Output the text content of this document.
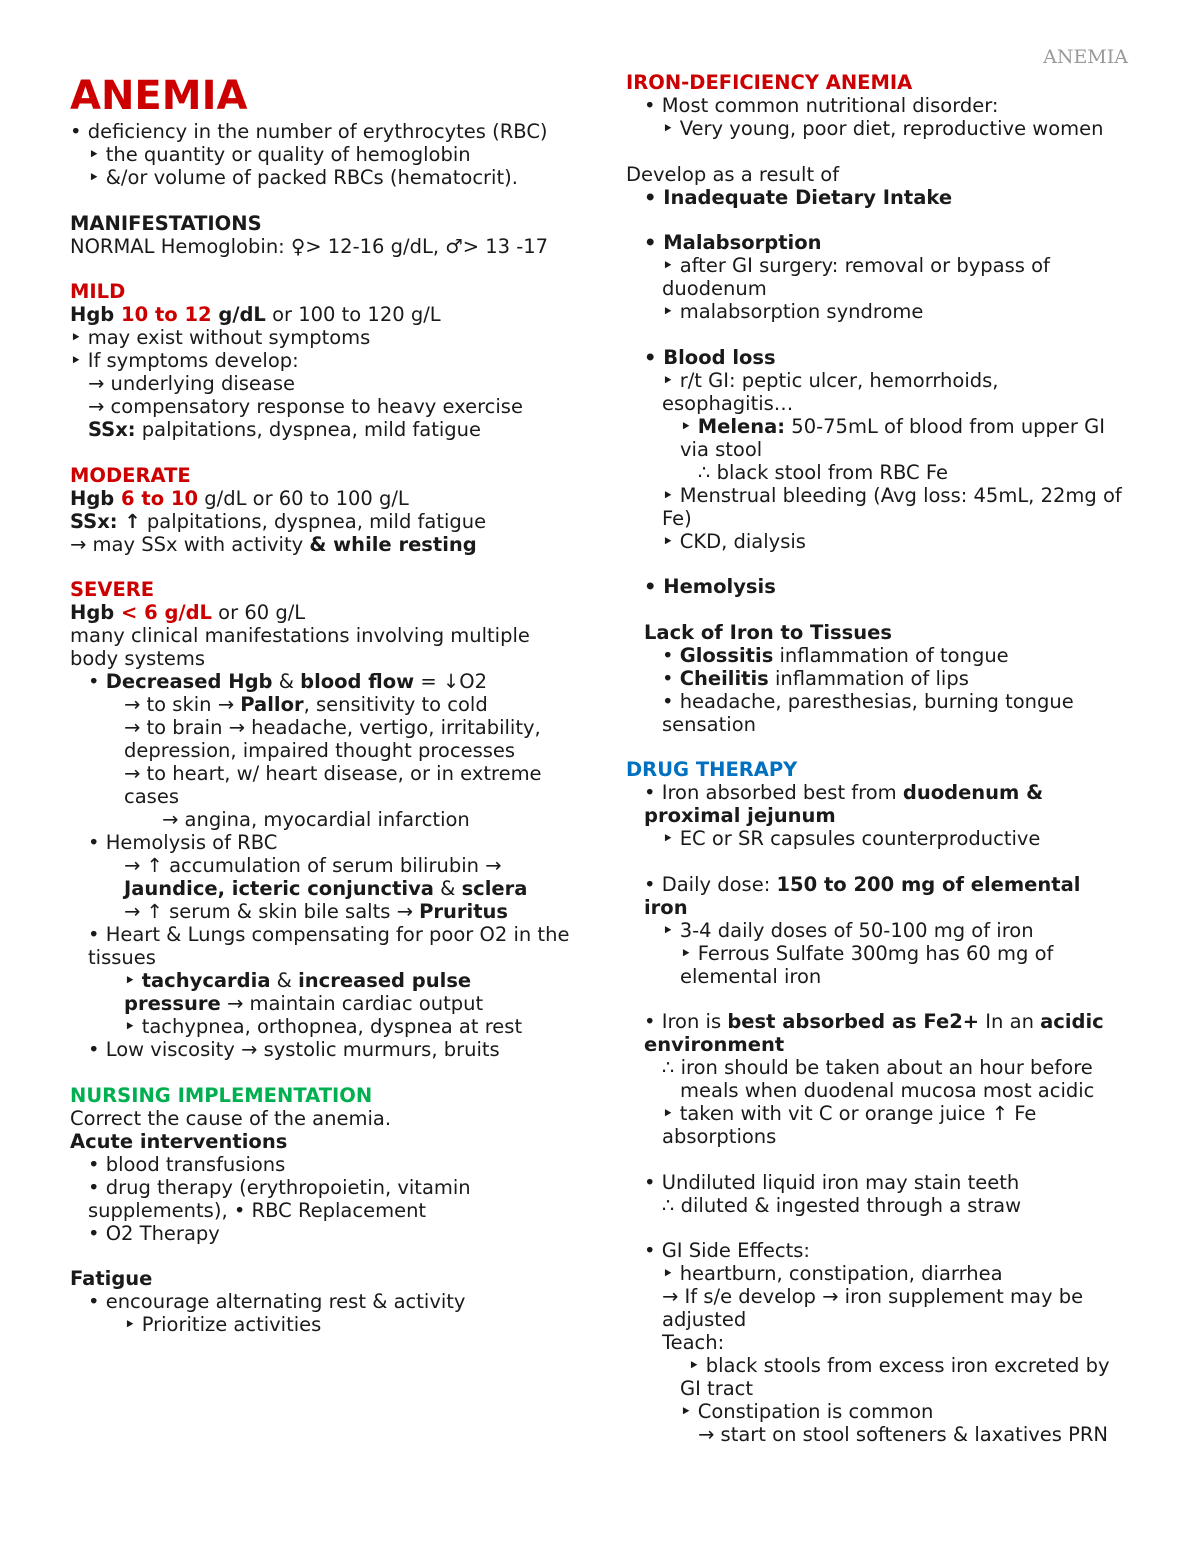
ANEMIA
ANEMIA
• deficiency in the number of erythrocytes (RBC)
‣ the quantity or quality of hemoglobin
‣ &/or volume of packed RBCs (hematocrit).
MANIFESTATIONS
NORMAL Hemoglobin: ♀> 12-16 g/dL, ♂> 13 -17
MILD
Hgb 10 to 12 g/dL or 100 to 120 g/L
‣ may exist without symptoms
‣ If symptoms develop:
→ underlying disease
→ compensatory response to heavy exercise
SSx: palpitations, dyspnea, mild fatigue
MODERATE
Hgb 6 to 10 g/dL or 60 to 100 g/L
SSx: ↑ palpitations, dyspnea, mild fatigue
→ may SSx with activity & while resting
SEVERE
Hgb < 6 g/dL or 60 g/L
many clinical manifestations involving multiple
body systems
• Decreased Hgb & blood flow = ↓O2
→ to skin → Pallor, sensitivity to cold
→ to brain → headache, vertigo, irritability,
depression, impaired thought processes
→ to heart, w/ heart disease, or in extreme
cases
→ angina, myocardial infarction
• Hemolysis of RBC
→ ↑ accumulation of serum bilirubin →
Jaundice, icteric conjunctiva & sclera
→ ↑ serum & skin bile salts → Pruritus
• Heart & Lungs compensating for poor O2 in the
tissues
‣ tachycardia & increased pulse
pressure → maintain cardiac output
‣ tachypnea, orthopnea, dyspnea at rest
• Low viscosity → systolic murmurs, bruits
NURSING IMPLEMENTATION
Correct the cause of the anemia.
Acute interventions
• blood transfusions
• drug therapy (erythropoietin, vitamin
supplements), • RBC Replacement
• O2 Therapy
Fatigue
• encourage alternating rest & activity
‣ Prioritize activities
IRON-DEFICIENCY ANEMIA
• Most common nutritional disorder:
‣ Very young, poor diet, reproductive women
Develop as a result of
• Inadequate Dietary Intake
• Malabsorption
‣ after GI surgery: removal or bypass of
duodenum
‣ malabsorption syndrome
• Blood loss
‣ r/t GI: peptic ulcer, hemorrhoids,
esophagitis…
‣ Melena: 50-75mL of blood from upper GI
via stool
∴ black stool from RBC Fe
‣ Menstrual bleeding (Avg loss: 45mL, 22mg of
Fe)
‣ CKD, dialysis
• Hemolysis
Lack of Iron to Tissues
• Glossitis inflammation of tongue
• Cheilitis inflammation of lips
• headache, paresthesias, burning tongue
sensation
DRUG THERAPY
• Iron absorbed best from duodenum &
proximal jejunum
‣ EC or SR capsules counterproductive
• Daily dose: 150 to 200 mg of elemental
iron
‣ 3-4 daily doses of 50-100 mg of iron
‣ Ferrous Sulfate 300mg has 60 mg of
elemental iron
• Iron is best absorbed as Fe2+ In an acidic
environment
∴ iron should be taken about an hour before
meals when duodenal mucosa most acidic
‣ taken with vit C or orange juice ↑ Fe
absorptions
• Undiluted liquid iron may stain teeth
∴ diluted & ingested through a straw
• GI Side Effects:
‣ heartburn, constipation, diarrhea
→ If s/e develop → iron supplement may be
adjusted
Teach:
‣ black stools from excess iron excreted by
GI tract
‣ Constipation is common
→ start on stool softeners & laxatives PRN
